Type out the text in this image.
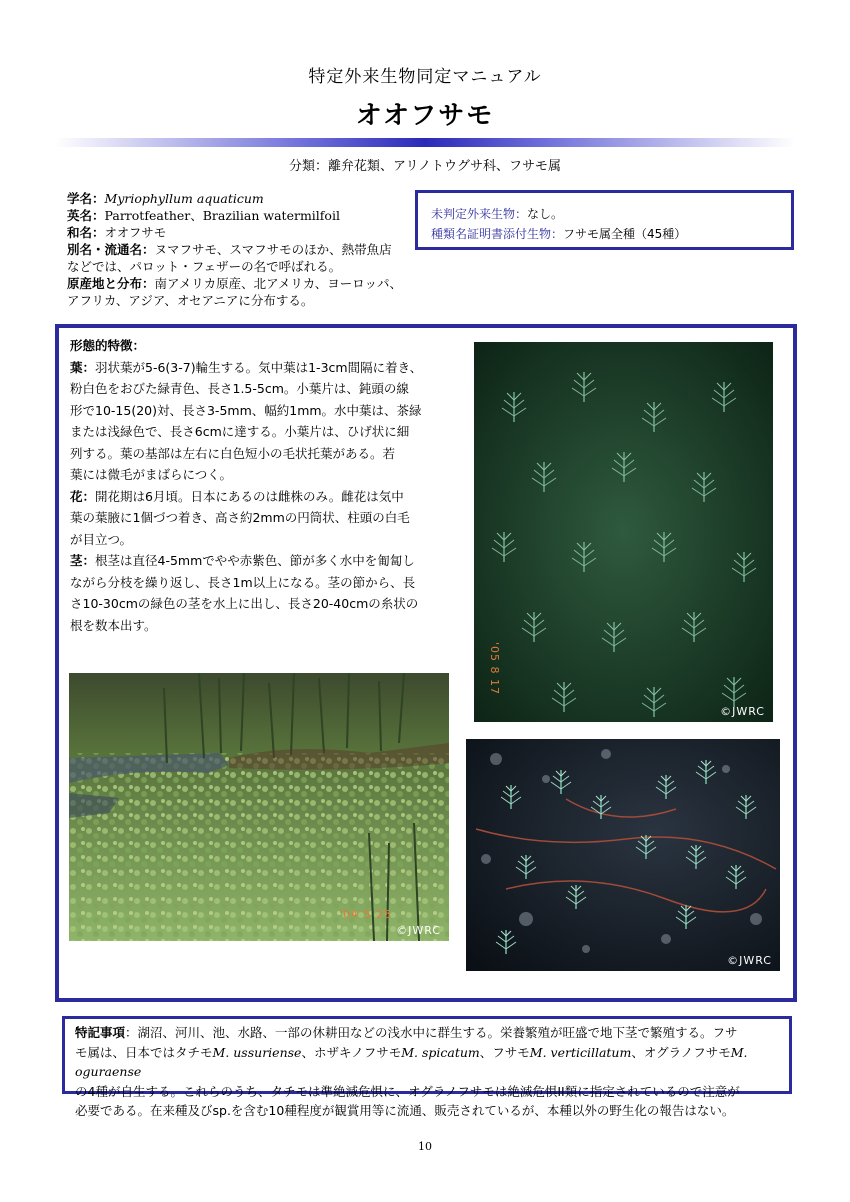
特定外来生物同定マニュアル
オオフサモ
分類：離弁花類、アリノトウグサ科、フサモ属
学名：Myriophyllum aquaticum
英名：Parrotfeather、Brazilian watermilfoil
和名：オオフサモ
別名・流通名：ヌマフサモ、スマフサモのほか、熱帯魚店
などでは、パロット・フェザーの名で呼ばれる。
原産地と分布：南アメリカ原産、北アメリカ、ヨーロッパ、
アフリカ、アジア、オセアニアに分布する。
未判定外来生物：なし。
種類名証明書添付生物：フサモ属全種（45種）

形態的特徴：

葉：羽状葉が5-6(3-7)輪生する。気中葉は1-3cm間隔に着き、

粉白色をおびた緑青色、長さ1.5-5cm。小葉片は、鈍頭の線

形で10-15(20)対、長さ3-5mm、幅約1mm。水中葉は、茶緑

または浅緑色で、長さ6cmに達する。小葉片は、ひげ状に細

列する。葉の基部は左右に白色短小の毛状托葉がある。若

葉には微毛がまばらにつく。

花：開花期は6月頃。日本にあるのは雌株のみ。雌花は気中

葉の葉腋に1個づつ着き、高さ約2mmの円筒状、柱頭の白毛

が目立つ。

茎：根茎は直径4-5mmでやや赤紫色、節が多く水中を匍匐し

ながら分枝を繰り返し、長さ1m以上になる。茎の節から、長

さ10-30cmの緑色の茎を水上に出し、長さ20-40cmの糸状の

根を数本出す。

'05 8 17
©JWRC
'04 5 25
©JWRC
©JWRC
特記事項：湖沼、河川、池、水路、一部の休耕田などの浅水中に群生する。栄養繁殖が旺盛で地下茎で繁殖する。フサ
モ属は、日本ではタチモM. ussuriense、ホザキノフサモM. spicatum、フサモM. verticillatum、オグラノフサモM. oguraense
の4種が自生する。これらのうち、タチモは準絶滅危惧に、オグラノフサモは絶滅危惧II類に指定されているので注意が
必要である。在来種及びsp.を含む10種程度が観賞用等に流通、販売されているが、本種以外の野生化の報告はない。
10
